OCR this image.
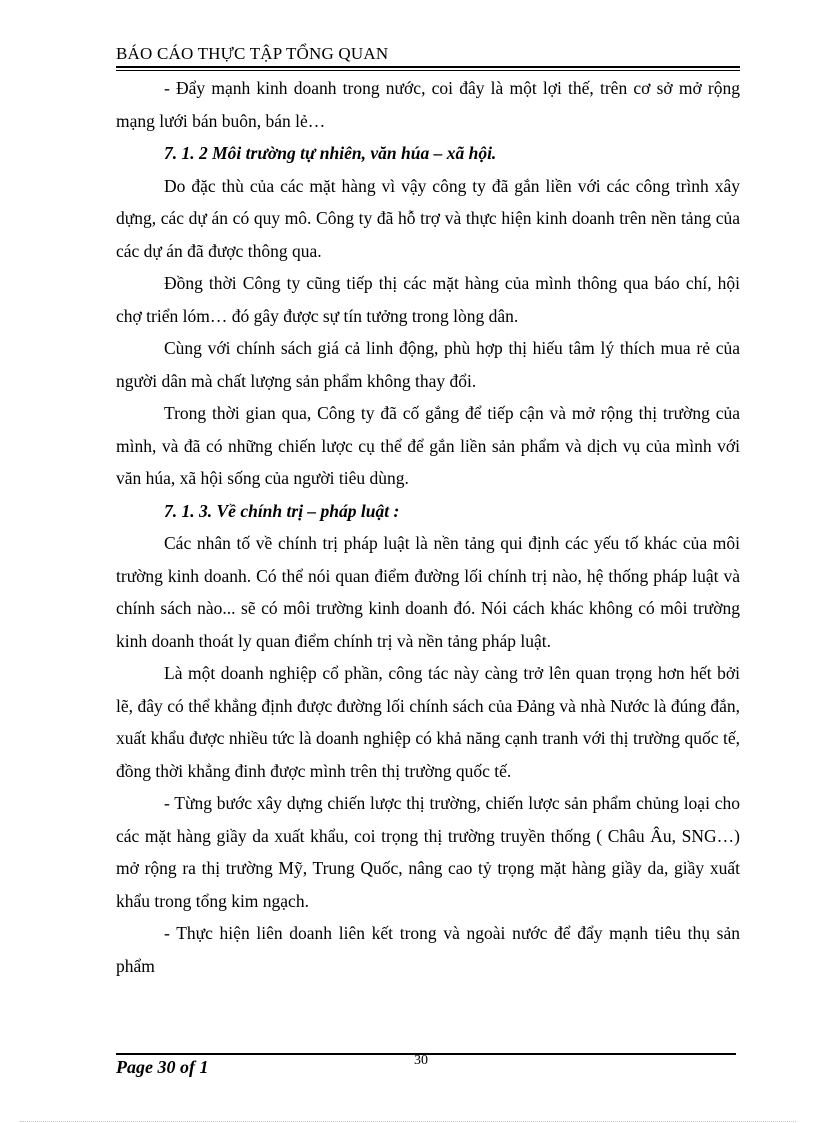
BÁO CÁO THỰC TẬP TỔNG QUAN

- Đẩy mạnh kinh doanh trong nước, coi đây là một lợi thế, trên cơ sở mở rộng mạng lưới bán buôn, bán lẻ…

7. 1. 2 Môi trường tự nhiên, văn húa – xã hội.

Do đặc thù của các mặt hàng vì vậy công ty đã gắn liền với các công trình xây dựng, các dự án có quy mô. Công ty đã hỗ trợ và thực hiện kinh doanh trên nền tảng của các dự án đã được thông qua.

Đồng thời Công ty cũng tiếp thị các mặt hàng của mình thông qua báo chí, hội chợ triển lóm… đó gây được sự tín tưởng trong lòng dân.

Cùng với chính sách giá cả linh động, phù hợp thị hiếu tâm lý thích mua rẻ của người dân mà chất lượng sản phẩm không thay đổi.

Trong thời gian qua, Công ty đã cố gắng để tiếp cận và mở rộng thị trường của mình, và đã có những chiến lược cụ thể để gắn liền sản phẩm và dịch vụ của mình với văn húa, xã hội sống của người tiêu dùng.

7. 1. 3. Về chính trị – pháp luật :

Các nhân tố về chính trị pháp luật là nền tảng qui định các yếu tố khác của môi trường kinh doanh. Có thể nói quan điểm đường lối chính trị nào, hệ thống pháp luật và chính sách nào... sẽ có môi trường kinh doanh đó. Nói cách khác không có môi trường kinh doanh thoát ly quan điểm chính trị và nền tảng pháp luật.

Là một doanh nghiệp cổ phần, công tác này càng trở lên quan trọng hơn hết bởi lẽ, đây có thể khẳng định được đường lối chính sách của Đảng và nhà Nước là đúng đắn, xuất khẩu được nhiều tức là doanh nghiệp có khả năng cạnh tranh với thị trường quốc tế, đồng thời khẳng đinh được mình trên thị trường quốc tế.

- Từng bước xây dựng chiến lược thị trường, chiến lược sản phẩm chủng loại cho các mặt hàng giầy da xuất khẩu, coi trọng thị trường truyền thống ( Châu Âu, SNG…) mở rộng ra thị trường Mỹ, Trung Quốc, nâng cao tỷ trọng mặt hàng giầy da, giầy xuất khẩu trong tổng kim ngạch.

- Thực hiện liên doanh liên kết trong và ngoài nước để đẩy mạnh tiêu thụ sản phẩm

Page 30 of 1	30
